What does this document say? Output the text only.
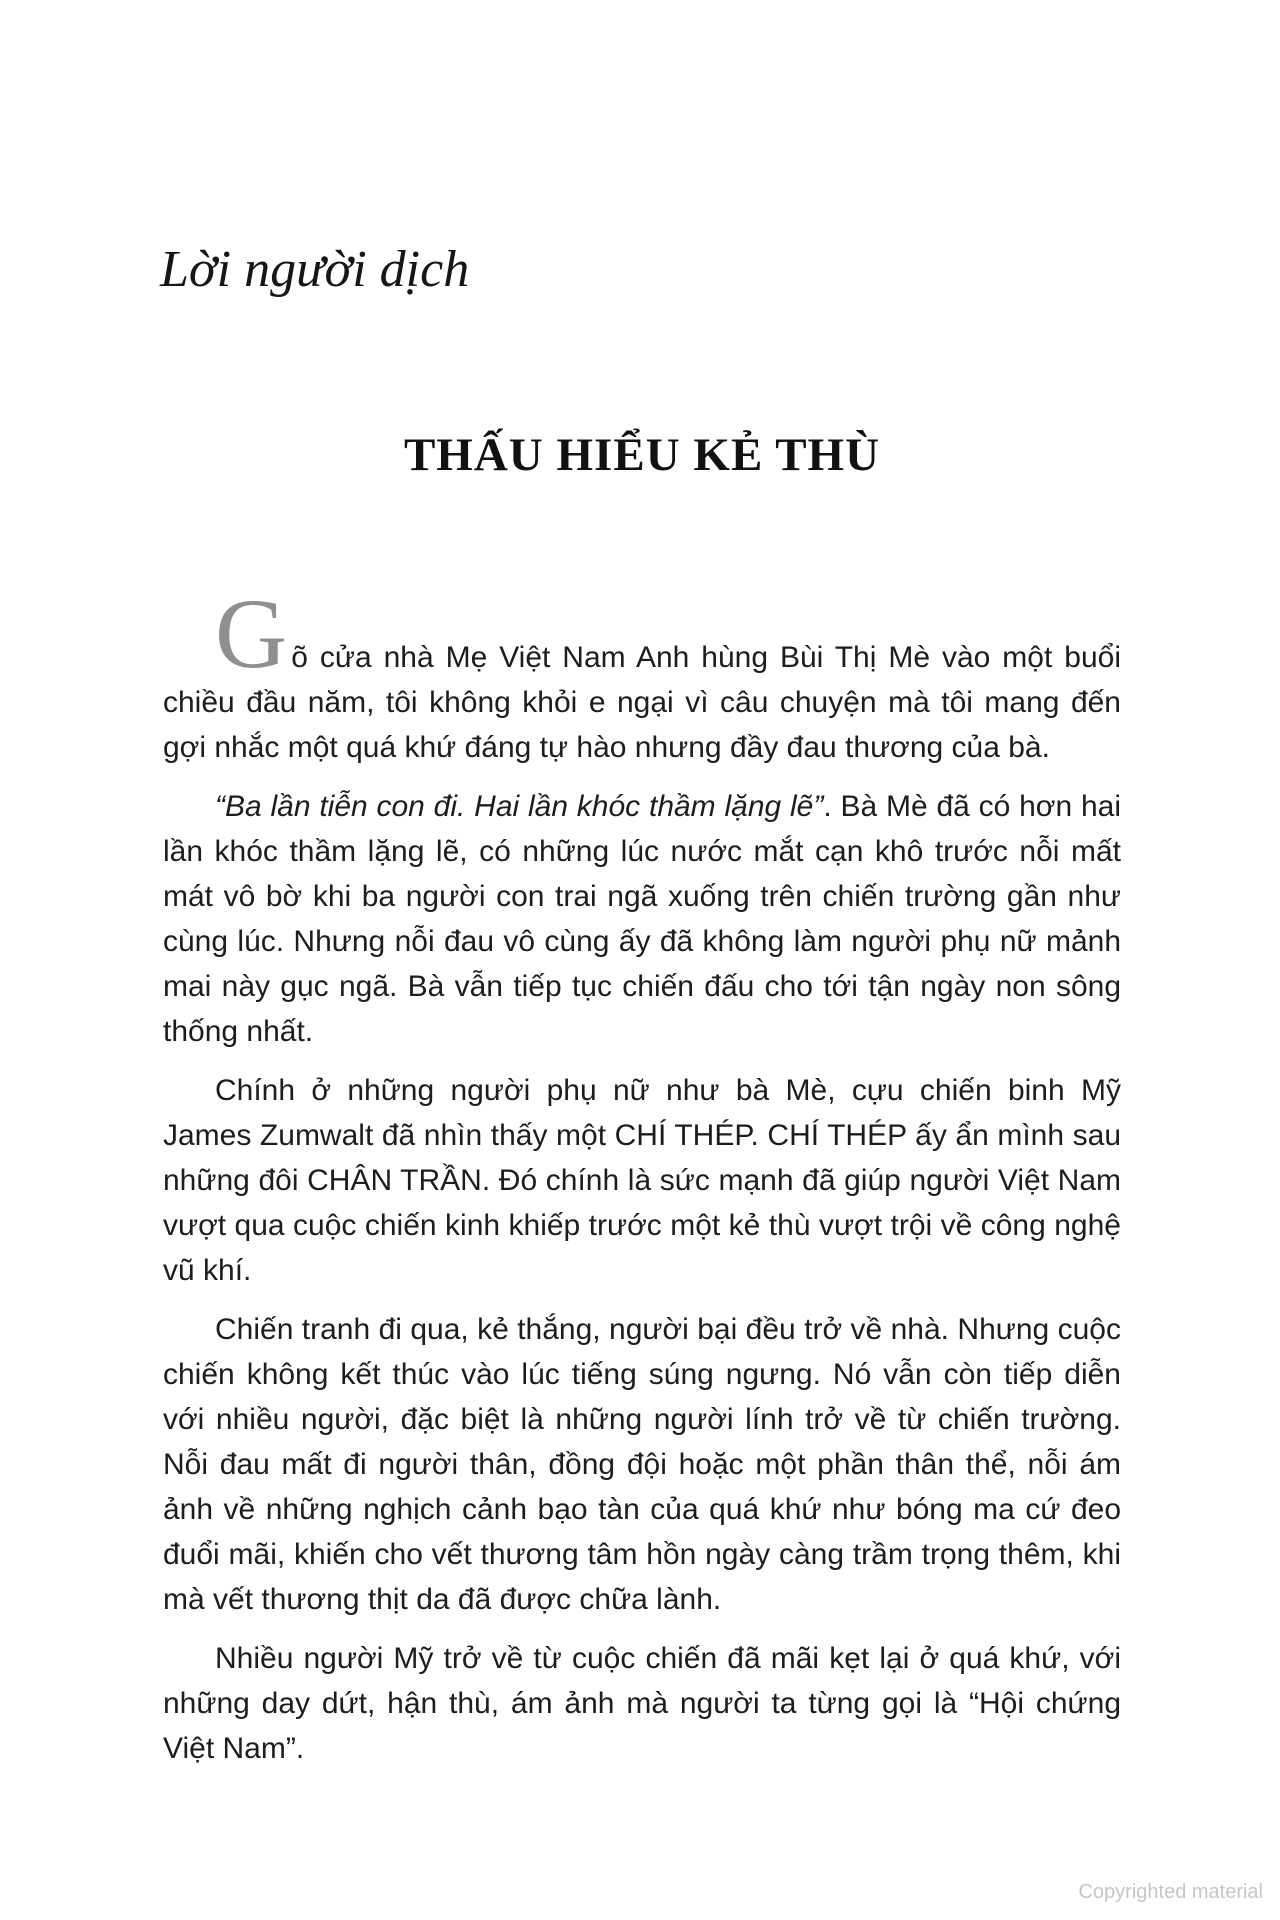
Lời người dịch
THẤU HIỂU KẺ THÙ

Gõ cửa nhà Mẹ Việt Nam Anh hùng Bùi Thị Mè vào một buổi chiều đầu năm, tôi không khỏi e ngại vì câu chuyện mà tôi mang đến gợi nhắc một quá khứ đáng tự hào nhưng đầy đau thương của bà.

“Ba lần tiễn con đi. Hai lần khóc thầm lặng lẽ”. Bà Mè đã có hơn hai lần khóc thầm lặng lẽ, có những lúc nước mắt cạn khô trước nỗi mất mát vô bờ khi ba người con trai ngã xuống trên chiến trường gần như cùng lúc. Nhưng nỗi đau vô cùng ấy đã không làm người phụ nữ mảnh mai này gục ngã. Bà vẫn tiếp tục chiến đấu cho tới tận ngày non sông thống nhất.

Chính ở những người phụ nữ như bà Mè, cựu chiến binh Mỹ James Zumwalt đã nhìn thấy một CHÍ THÉP. CHÍ THÉP ấy ẩn mình sau những đôi CHÂN TRẦN. Đó chính là sức mạnh đã giúp người Việt Nam vượt qua cuộc chiến kinh khiếp trước một kẻ thù vượt trội về công nghệ vũ khí.

Chiến tranh đi qua, kẻ thắng, người bại đều trở về nhà. Nhưng cuộc chiến không kết thúc vào lúc tiếng súng ngưng. Nó vẫn còn tiếp diễn với nhiều người, đặc biệt là những người lính trở về từ chiến trường. Nỗi đau mất đi người thân, đồng đội hoặc một phần thân thể, nỗi ám ảnh về những nghịch cảnh bạo tàn của quá khứ như bóng ma cứ đeo đuổi mãi, khiến cho vết thương tâm hồn ngày càng trầm trọng thêm, khi mà vết thương thịt da đã được chữa lành.

Nhiều người Mỹ trở về từ cuộc chiến đã mãi kẹt lại ở quá khứ, với những day dứt, hận thù, ám ảnh mà người ta từng gọi là “Hội chứng Việt Nam”.

Copyrighted material
